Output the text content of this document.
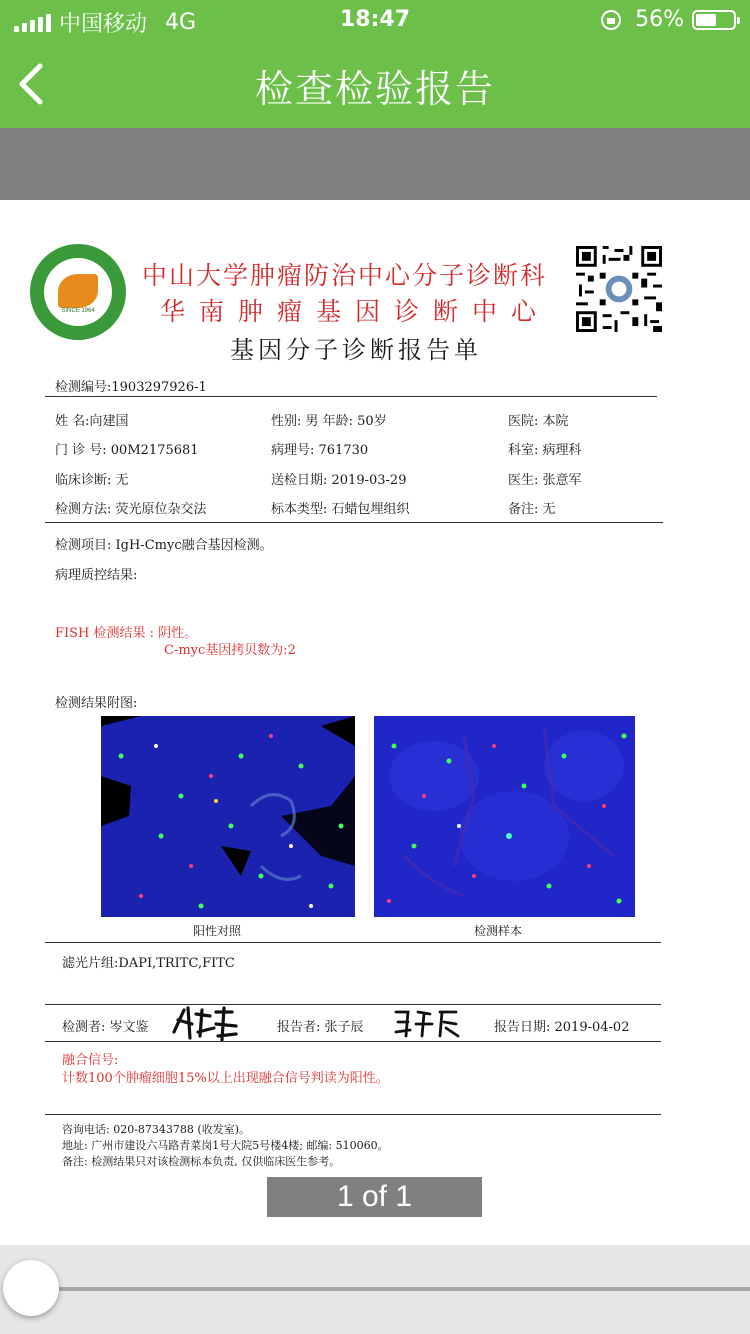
中国移动 4G	18:47	56%
检查检验报告
SINCE 1964
中山大学肿瘤防治中心分子诊断科
华南肿瘤基因诊断中心
基因分子诊断报告单
检测编号:1903297926-1
姓 名:向建国	性别: 男 年龄: 50岁	医院: 本院
门 诊 号: 00M2175681	病理号: 761730	科室: 病理科
临床诊断: 无	送检日期: 2019-03-29	医生: 张意军
检测方法: 荧光原位杂交法	标本类型: 石蜡包埋组织	备注: 无
检测项目: IgH-Cmyc融合基因检测。
病理质控结果:
FISH 检测结果 : 阴性。
C-myc基因拷贝数为:2
检测结果附图:
阳性对照	检测样本
滤光片组:DAPI,TRITC,FITC
检测者: 岑文鉴	报告者: 张子辰	报告日期: 2019-04-02
融合信号:
计数100个肿瘤细胞15%以上出现融合信号判读为阳性。
咨询电话: 020-87343788 (收发室)。
地址: 广州市建设六马路青菜岗1号大院5号楼4楼; 邮编: 510060。
备注: 检测结果只对该检测标本负责, 仅供临床医生参考。
1 of 1
